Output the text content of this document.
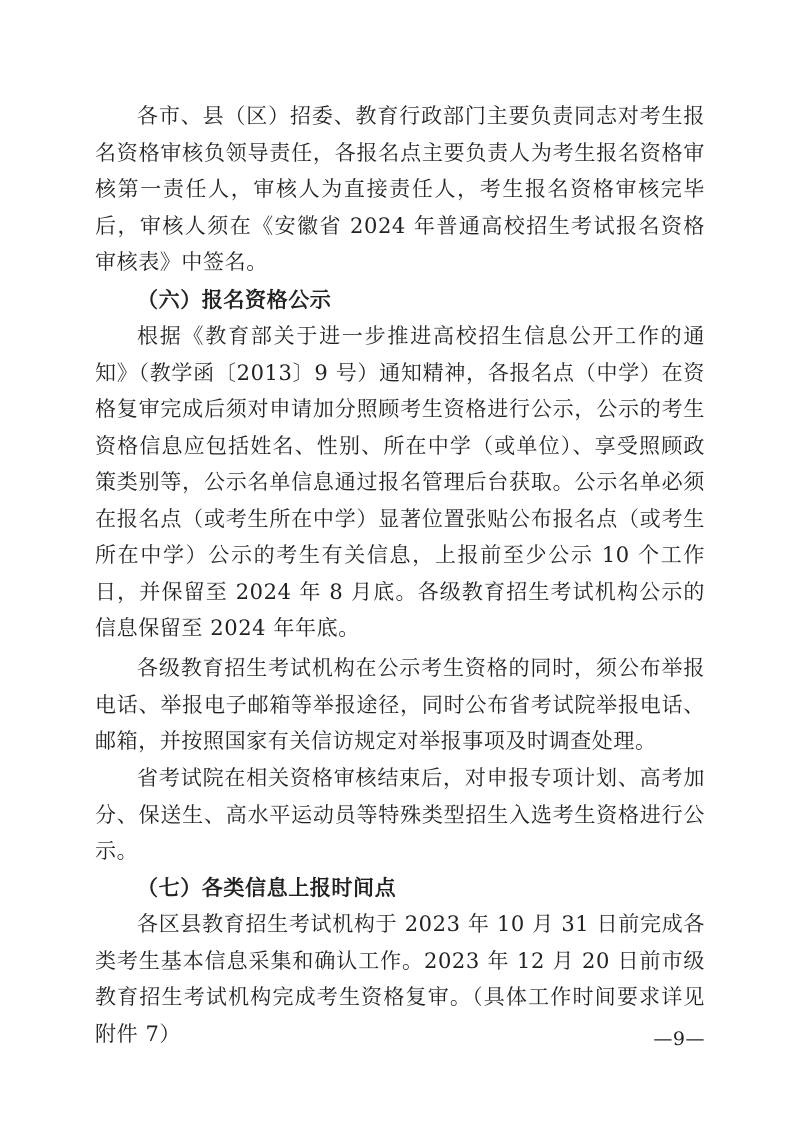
各市、县（区）招委、教育行政部门主要负责同志对考生报名资格审核负领导责任，各报名点主要负责人为考生报名资格审核第一责任人，审核人为直接责任人，考生报名资格审核完毕后，审核人须在《安徽省 2024 年普通高校招生考试报名资格审核表》中签名。

（六）报名资格公示

根据《教育部关于进一步推进高校招生信息公开工作的通知》（教学函〔2013〕9 号）通知精神，各报名点（中学）在资格复审完成后须对申请加分照顾考生资格进行公示，公示的考生资格信息应包括姓名、性别、所在中学（或单位）、享受照顾政策类别等，公示名单信息通过报名管理后台获取。公示名单必须在报名点（或考生所在中学）显著位置张贴公布报名点（或考生所在中学）公示的考生有关信息，上报前至少公示 10 个工作日，并保留至 2024 年 8 月底。各级教育招生考试机构公示的信息保留至 2024 年年底。

各级教育招生考试机构在公示考生资格的同时，须公布举报电话、举报电子邮箱等举报途径，同时公布省考试院举报电话、邮箱，并按照国家有关信访规定对举报事项及时调查处理。

省考试院在相关资格审核结束后，对申报专项计划、高考加分、保送生、高水平运动员等特殊类型招生入选考生资格进行公示。

（七）各类信息上报时间点

各区县教育招生考试机构于 2023 年 10 月 31 日前完成各类考生基本信息采集和确认工作。2023 年 12 月 20 日前市级教育招生考试机构完成考生资格复审。（具体工作时间要求详见附件 7）	—9—
